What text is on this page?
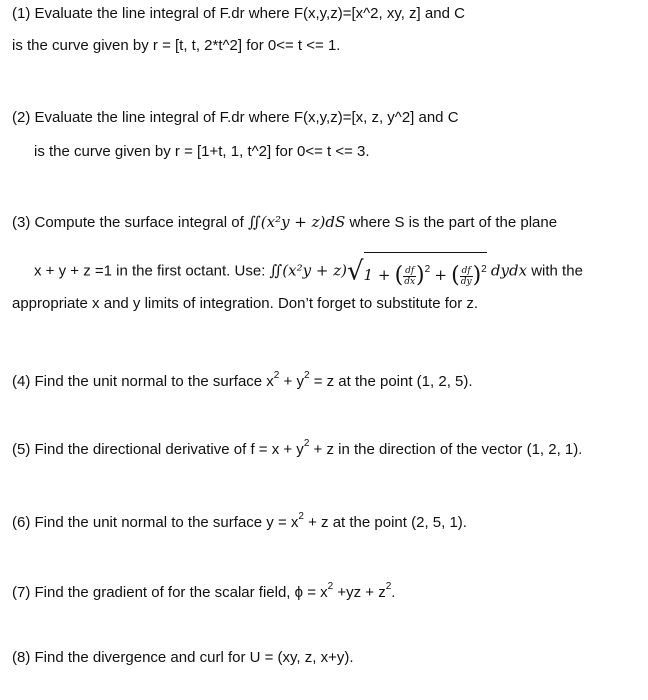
(1) Evaluate the line integral of F.dr where F(x,y,z)=[x^2, xy, z] and C
is the curve given by r = [t, t, 2*t^2] for 0<= t <= 1.
(2) Evaluate the line integral of F.dr where F(x,y,z)=[x, z, y^2] and C
is the curve given by r = [1+t, 1, t^2] for 0<= t <= 3.
(3) Compute the surface integral of ∬(x²y + z)dS where S is the part of the plane
x + y + z =1 in the first octant. Use: ∬(x²y + z)√1 + ( $\frac{df}{dx} )^2$ + ( $\frac{df}{dy} )^2$ dydx with the
appropriate x and y limits of integration. Don’t forget to substitute for z.
(4) Find the unit normal to the surface $x^2 + y^2 = z$ at the point (1, 2, 5).
(5) Find the directional derivative of $f = x + y^2 + z$ in the direction of the vector (1, 2, 1).
(6) Find the unit normal to the surface $y = x^2 + z$ at the point (2, 5, 1).
(7) Find the gradient of for the scalar field, $\phi = x^2 +yz + z^2$.
(8) Find the divergence and curl for U = (xy, z, x+y).
